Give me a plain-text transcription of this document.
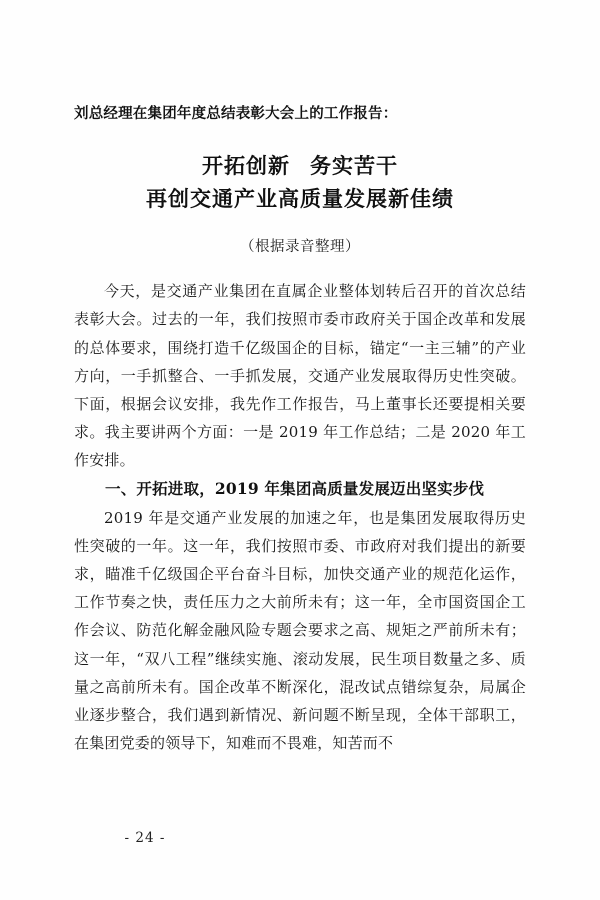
刘总经理在集团年度总结表彰大会上的工作报告：
开拓创新 务实苦干
再创交通产业高质量发展新佳绩
（根据录音整理）

今天，是交通产业集团在直属企业整体划转后召开的首次总结表彰大会。过去的一年，我们按照市委市政府关于国企改革和发展的总体要求，围绕打造千亿级国企的目标，锚定“一主三辅”的产业方向，一手抓整合、一手抓发展，交通产业发展取得历史性突破。下面，根据会议安排，我先作工作报告，马上董事长还要提相关要求。我主要讲两个方面：一是 2019 年工作总结；二是 2020 年工作安排。

一、开拓进取，2019 年集团高质量发展迈出坚实步伐

2019 年是交通产业发展的加速之年，也是集团发展取得历史性突破的一年。这一年，我们按照市委、市政府对我们提出的新要求，瞄准千亿级国企平台奋斗目标，加快交通产业的规范化运作，工作节奏之快，责任压力之大前所未有；这一年，全市国资国企工作会议、防范化解金融风险专题会要求之高、规矩之严前所未有；这一年，“双八工程”继续实施、滚动发展，民生项目数量之多、质量之高前所未有。国企改革不断深化，混改试点错综复杂，局属企业逐步整合，我们遇到新情况、新问题不断呈现，全体干部职工，在集团党委的领导下，知难而不畏难，知苦而不

- 24 -
